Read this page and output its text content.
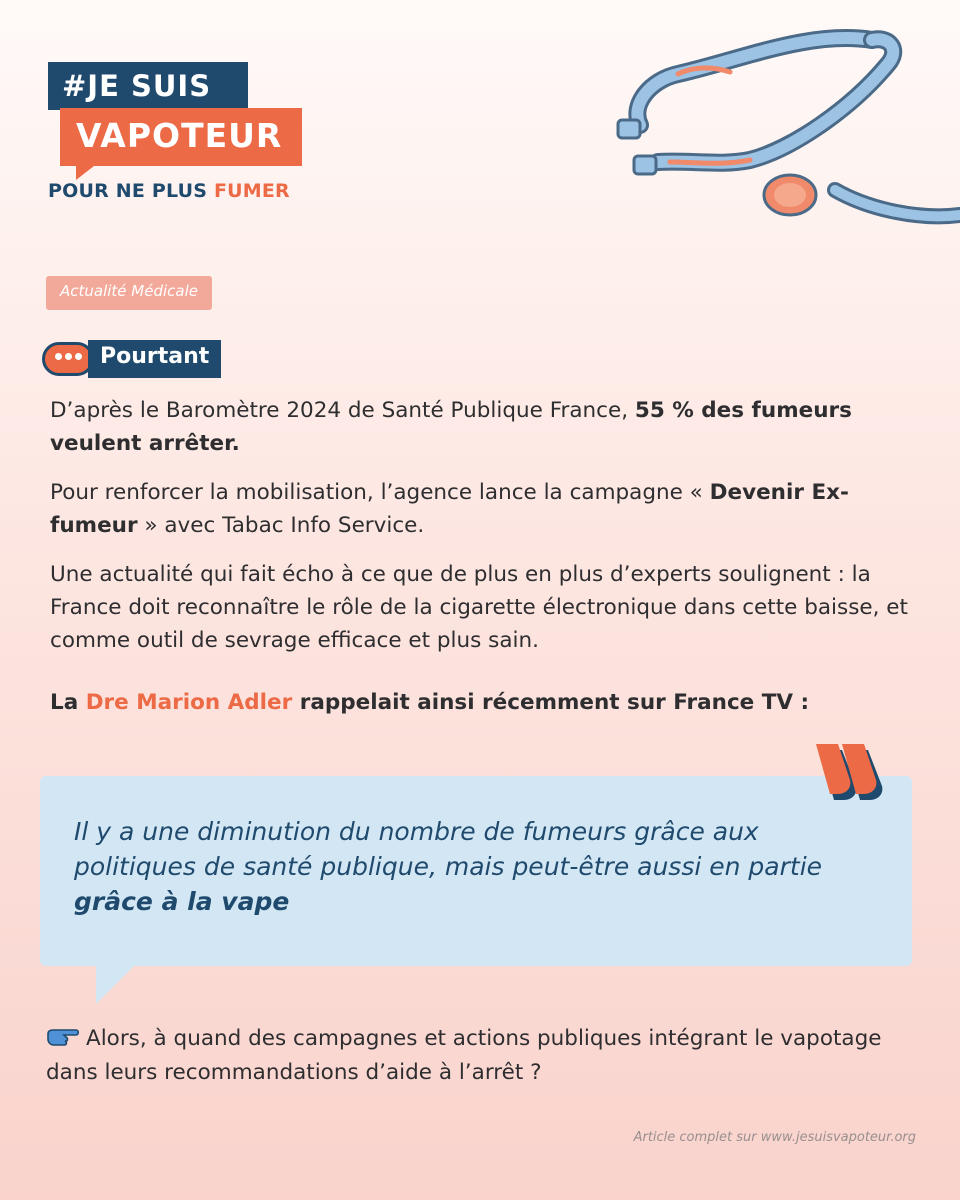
#JE SUIS
VAPOTEUR
POUR NE PLUS FUMER
Actualité Médicale
Pourtant
D’après le Baromètre 2024 de Santé Publique France, 55 % des fumeurs veulent arrêter.
Pour renforcer la mobilisation, l’agence lance la campagne « Devenir Ex-fumeur » avec Tabac Info Service.
Une actualité qui fait écho à ce que de plus en plus d’experts soulignent : la France doit reconnaître le rôle de la cigarette électronique dans cette baisse, et comme outil de sevrage efficace et plus sain.
La Dre Marion Adler rappelait ainsi récemment sur France TV :
Il y a une diminution du nombre de fumeurs grâce aux politiques de santé publique, mais peut-être aussi en partie grâce à la vape
Alors, à quand des campagnes et actions publiques intégrant le vapotage dans leurs recommandations d’aide à l’arrêt ?
Article complet sur www.jesuisvapoteur.org
